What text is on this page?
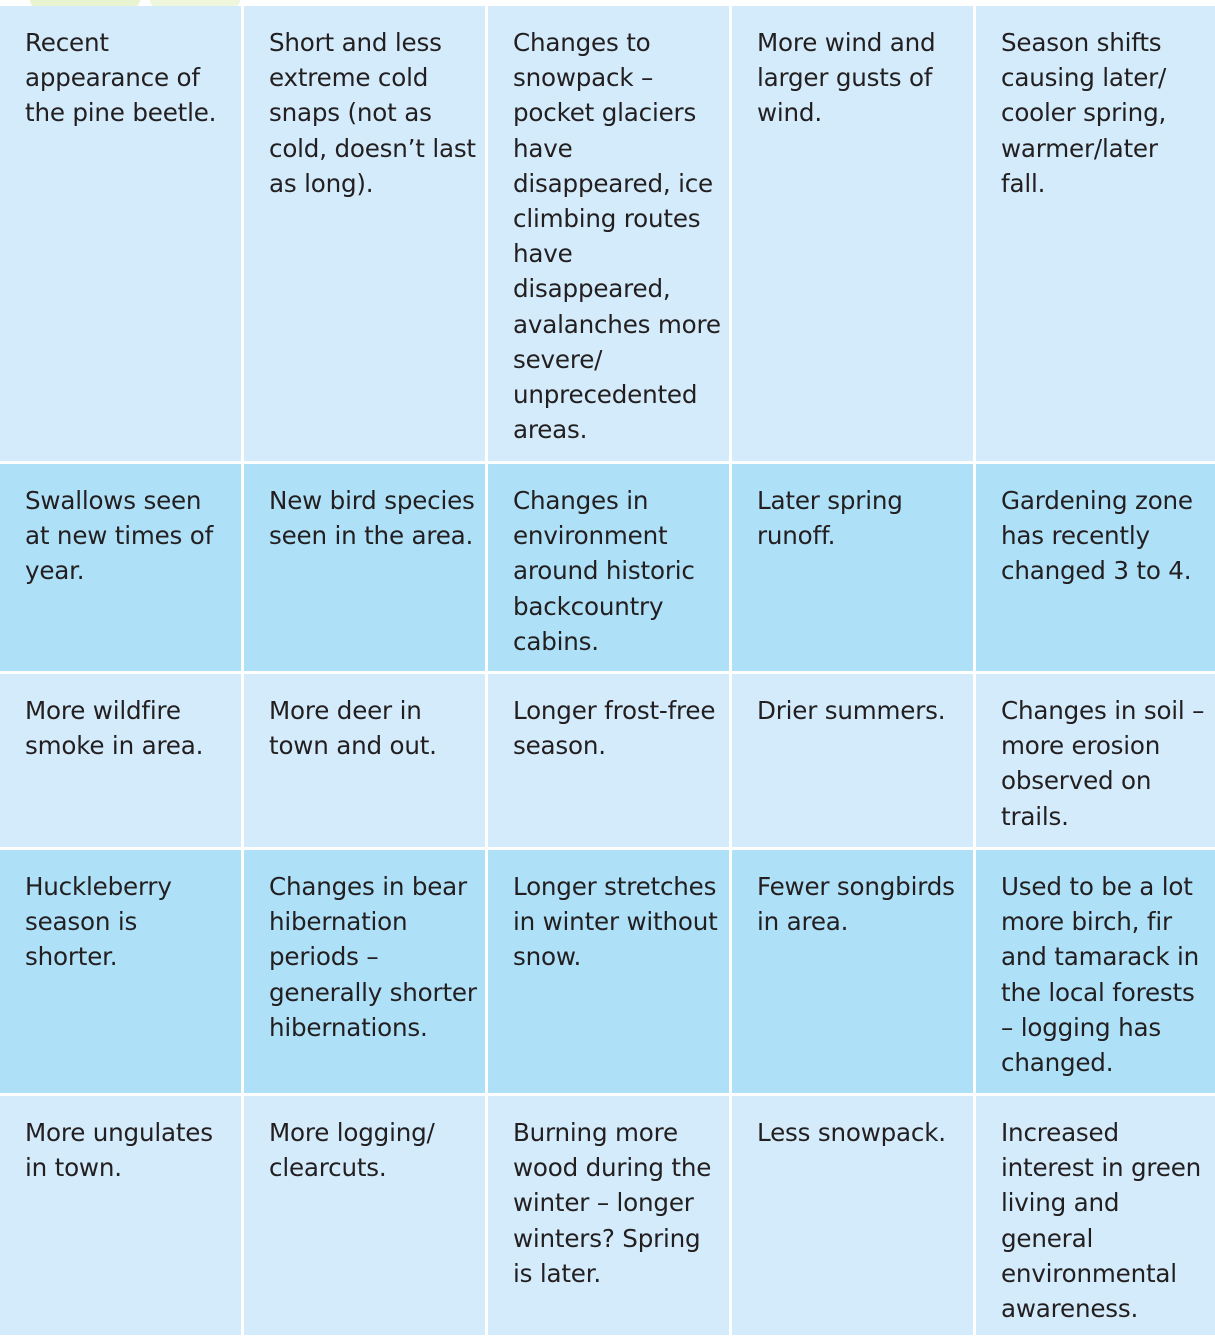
Recent appearance of the pine beetle.
Short and less extreme cold snaps (not as cold, doesn’t last as long).
Changes to snowpack – pocket glaciers have disappeared, ice climbing routes have disappeared, avalanches more severe/ unprecedented areas.
More wind and larger gusts of wind.
Season shifts causing later/ cooler spring, warmer/later fall.
Swallows seen at new times of year.
New bird species seen in the area.
Changes in environment around historic backcountry cabins.
Later spring runoff.
Gardening zone has recently changed 3 to 4.
More wildfire smoke in area.
More deer in town and out.
Longer frost-free season.
Drier summers.	Changes in soil – more erosion observed on trails.
Huckleberry season is shorter.
Changes in bear hibernation periods – generally shorter hibernations.
Longer stretches in winter without snow.
Fewer songbirds in area.
Used to be a lot more birch, fir and tamarack in the local forests – logging has changed.
More ungulates in town.
More logging/ clearcuts.
Burning more wood during the winter – longer winters? Spring is later.
Less snowpack.	Increased interest in green living and general environmental awareness.
